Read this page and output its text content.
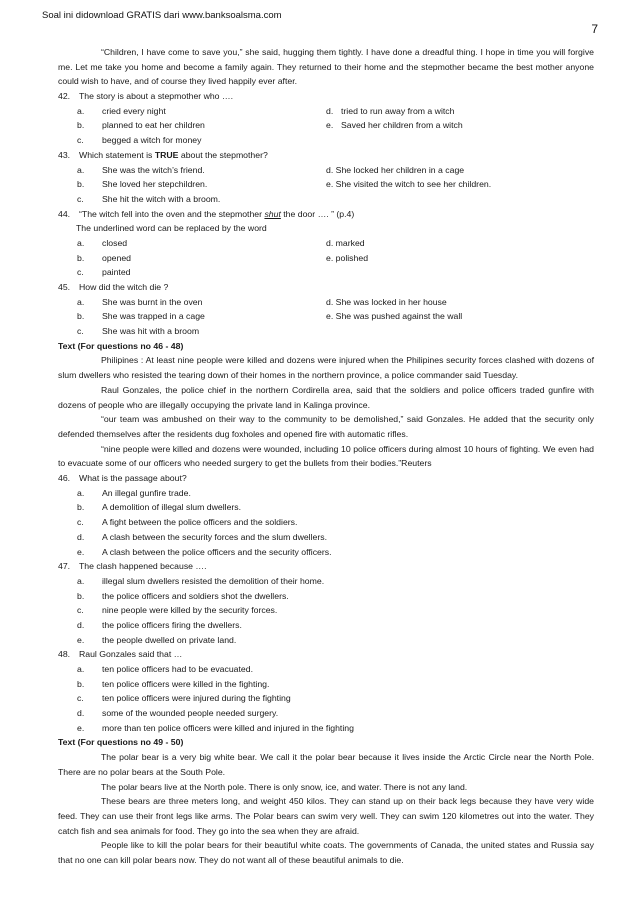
Soal ini didownload GRATIS dari www.banksoalsma.com
7
“Children, I have come to save you,” she said, hugging them tightly. I have done a dreadful thing. I hope in time you will forgive me. Let me take you home and become a family again. They returned to their home and the stepmother became the best mother anyone could wish to have, and of course they lived happily ever after.
42. The story is about a stepmother who ….
a. cried every night	d. tried to run away from a witch
b. planned to eat her children	e. Saved her children from a witch
c. begged a witch for money
43. Which statement is TRUE about the stepmother?
a. She was the witch’s friend.	d. She locked her children in a cage
b. She loved her stepchildren.	e. She visited the witch to see her children.
c. She hit the witch with a broom.
44. “The witch fell into the oven and the stepmother shut the door …. ” (p.4)
The underlined word can be replaced by the word
a. closed	d. marked
b. opened	e. polished
c. painted
45. How did the witch die ?
a. She was burnt in the oven	d. She was locked in her house
b. She was trapped in a cage	e. She was pushed against the wall
c. She was hit with a broom
Text (For questions no 46 - 48)
Philipines : At least nine people were killed and dozens were injured when the Philipines security forces clashed with dozens of slum dwellers who resisted the tearing down of their homes in the northern province, a police commander said Tuesday.
Raul Gonzales, the police chief in the northern Cordirella area, said that the soldiers and police officers traded gunfire with dozens of people who are illegally occupying the private land in Kalinga province.
“our team was ambushed on their way to the community to be demolished,” said Gonzales. He added that the security only defended themselves after the residents dug foxholes and opened fire with automatic rifles.
“nine people were killed and dozens were wounded, including 10 police officers during almost 10 hours of fighting. We even had to evacuate some of our officers who needed surgery to get the bullets from their bodies.”Reuters
46. What is the passage about?
a. An illegal gunfire trade.
b. A demolition of illegal slum dwellers.
c. A fight between the police officers and the soldiers.
d. A clash between the security forces and the slum dwellers.
e. A clash between the police officers and the security officers.
47. The clash happened because ….
a. illegal slum dwellers resisted the demolition of their home.
b. the police officers and soldiers shot the dwellers.
c. nine people were killed by the security forces.
d. the police officers firing the dwellers.
e. the people dwelled on private land.
48. Raul Gonzales said that …
a. ten police officers had to be evacuated.
b. ten police officers were killed in the fighting.
c. ten police officers were injured during the fighting
d. some of the wounded people needed surgery.
e. more than ten police officers were killed and injured in the fighting
Text (For questions no 49 - 50)
The polar bear is a very big white bear. We call it the polar bear because it lives inside the Arctic Circle near the North Pole. There are no polar bears at the South Pole.
The polar bears live at the North pole. There is only snow, ice, and water. There is not any land.
These bears are three meters long, and weight 450 kilos. They can stand up on their back legs because they have very wide feed. They can use their front legs like arms. The Polar bears can swim very well. They can swim 120 kilometres out into the water. They catch fish and sea animals for food. They go into the sea when they are afraid.
People like to kill the polar bears for their beautiful white coats. The governments of Canada, the united states and Russia say that no one can kill polar bears now. They do not want all of these beautiful animals to die.
